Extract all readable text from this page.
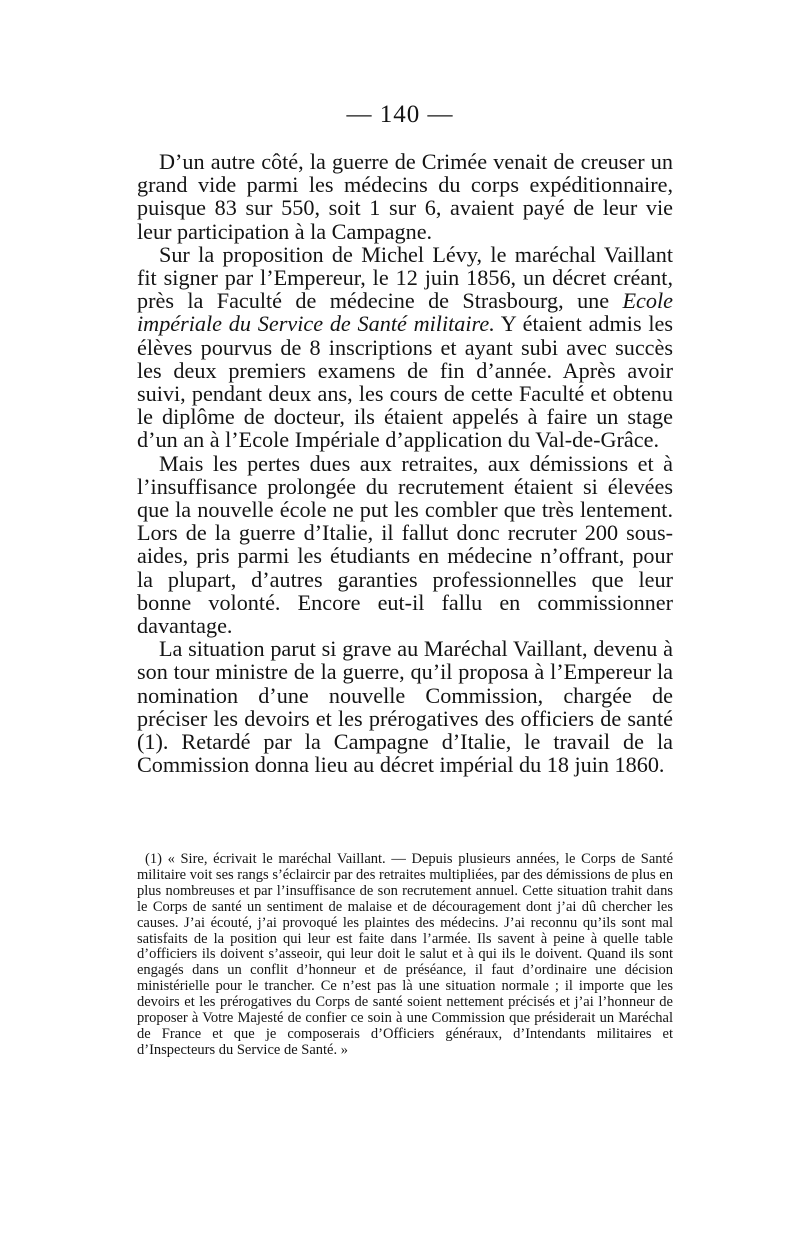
— 140 —

D’un autre côté, la guerre de Crimée venait de creuser un grand vide parmi les médecins du corps expéditionnaire, puisque 83 sur 550, soit 1 sur 6, avaient payé de leur vie leur participation à la Campagne.

Sur la proposition de Michel Lévy, le maréchal Vaillant fit signer par l’Empereur, le 12 juin 1856, un décret créant, près la Faculté de médecine de Strasbourg, une Ecole impériale du Service de Santé militaire. Y étaient admis les élèves pourvus de 8 inscriptions et ayant subi avec succès les deux premiers examens de fin d’année. Après avoir suivi, pendant deux ans, les cours de cette Faculté et obtenu le diplôme de docteur, ils étaient appelés à faire un stage d’un an à l’Ecole Impériale d’application du Val-de-Grâce.

Mais les pertes dues aux retraites, aux démissions et à l’insuffisance prolongée du recrutement étaient si élevées que la nouvelle école ne put les combler que très lentement. Lors de la guerre d’Italie, il fallut donc recruter 200 sous-aides, pris parmi les étudiants en médecine n’offrant, pour la plupart, d’autres garanties professionnelles que leur bonne volonté. Encore eut-il fallu en commissionner davantage.

La situation parut si grave au Maréchal Vaillant, devenu à son tour ministre de la guerre, qu’il proposa à l’Empereur la nomination d’une nouvelle Commission, chargée de préciser les devoirs et les prérogatives des officiers de santé (1). Retardé par la Campagne d’Italie, le travail de la Commission donna lieu au décret impérial du 18 juin 1860.

(1) « Sire, écrivait le maréchal Vaillant. — Depuis plusieurs années, le Corps de Santé militaire voit ses rangs s’éclaircir par des retraites multipliées, par des démissions de plus en plus nombreuses et par l’insuffisance de son recrutement annuel. Cette situation trahit dans le Corps de santé un sentiment de malaise et de découragement dont j’ai dû chercher les causes. J’ai écouté, j’ai provoqué les plaintes des médecins. J’ai reconnu qu’ils sont mal satisfaits de la position qui leur est faite dans l’armée. Ils savent à peine à quelle table d’officiers ils doivent s’asseoir, qui leur doit le salut et à qui ils le doivent. Quand ils sont engagés dans un conflit d’honneur et de préséance, il faut d’ordinaire une décision ministérielle pour le trancher. Ce n’est pas là une situation normale ; il importe que les devoirs et les prérogatives du Corps de santé soient nettement précisés et j’ai l’honneur de proposer à Votre Majesté de confier ce soin à une Commission que présiderait un Maréchal de France et que je composerais d’Officiers généraux, d’Intendants militaires et d’Inspecteurs du Service de Santé. »
